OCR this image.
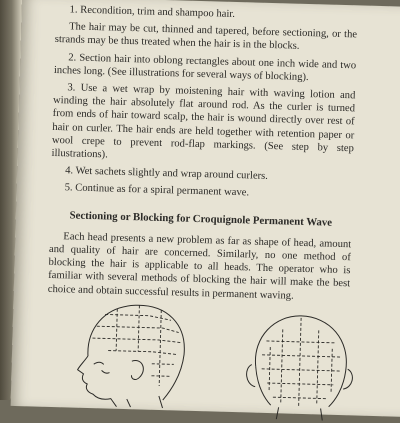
1. Recondition, trim and shampoo hair.

The hair may be cut, thinned and tapered, before sectioning, or the strands may be thus treated when the hair is in the blocks.

2. Section hair into oblong rectangles about one inch wide and two inches long. (See illustrations for several ways of blocking).

3. Use a wet wrap by moistening hair with waving lotion and winding the hair absolutely flat around rod. As the curler is turned from ends of hair toward scalp, the hair is wound directly over rest of hair on curler. The hair ends are held together with retention paper or wool crepe to prevent rod-flap markings. (See step by step illustrations).

4. Wet sachets slightly and wrap around curlers.

5. Continue as for a spiral permanent wave.

Sectioning or Blocking for Croquignole Permanent Wave

Each head presents a new problem as far as shape of head, amount and quality of hair are concerned. Similarly, no one method of blocking the hair is applicable to all heads. The operator who is familiar with several methods of blocking the hair will make the best choice and obtain successful results in permanent waving.
